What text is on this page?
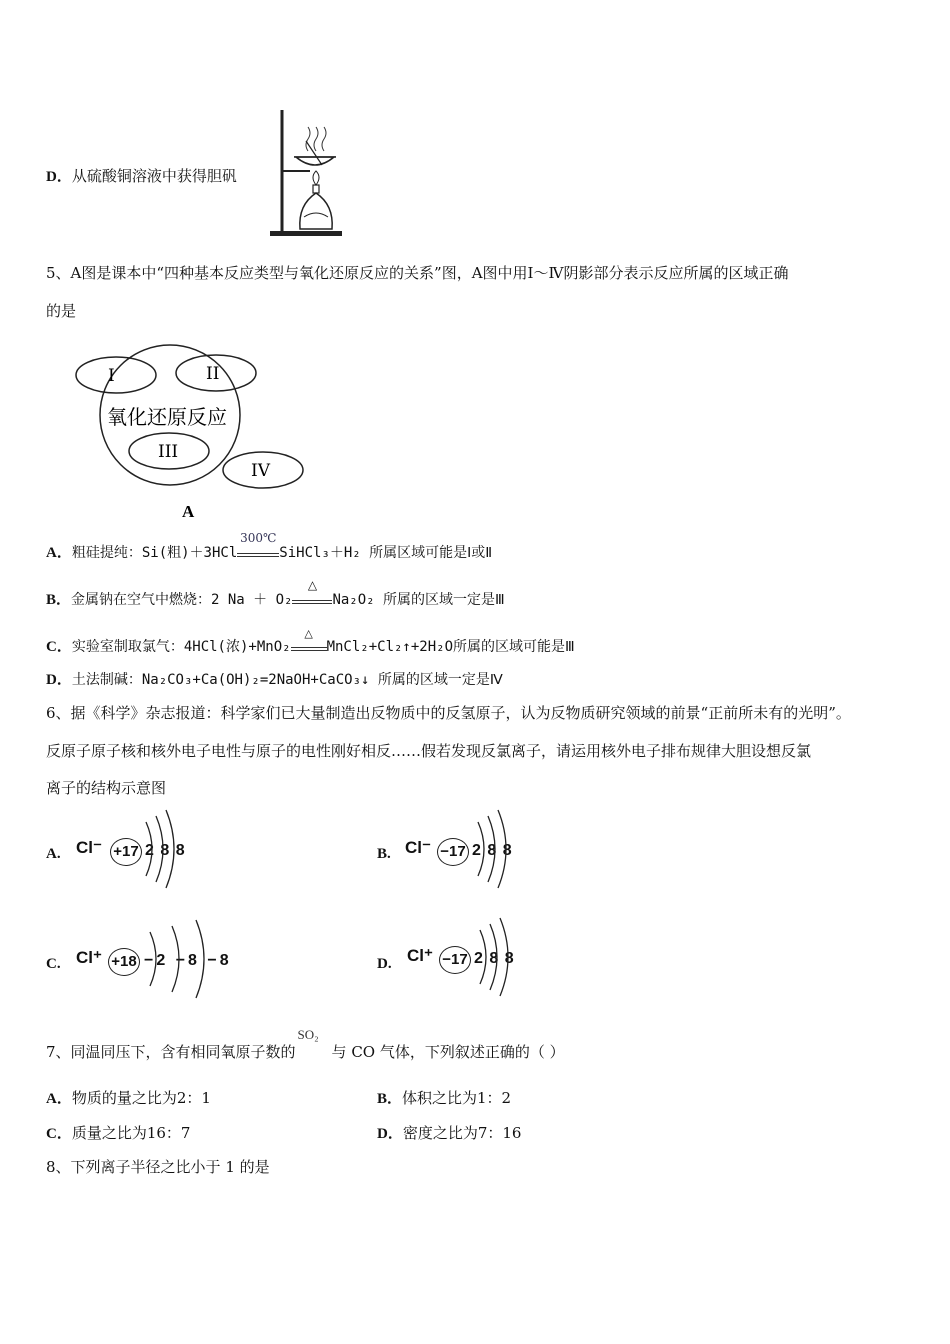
D．从硫酸铜溶液中获得胆矾
5、A图是课本中“四种基本反应类型与氧化还原反应的关系”图，A图中用Ⅰ～Ⅳ阴影部分表示反应所属的区域正确
的是
I	II
III
IV
氧化还原反应
A
A．粗硅提纯：Si(粗)＋3HCl
300℃
SiHCl₃＋H₂ 所属区域可能是Ⅰ或Ⅱ
B．金属钠在空气中燃烧：2 Na ＋ O₂
△
Na₂O₂ 所属的区域一定是Ⅲ
C．实验室制取氯气：4HCl(浓)+MnO₂
△
MnCl₂+Cl₂↑+2H₂O所属的区域可能是Ⅲ
D．土法制碱：Na₂CO₃+Ca(OH)₂=2NaOH+CaCO₃↓ 所属的区域一定是Ⅳ
6、据《科学》杂志报道：科学家们已大量制造出反物质中的反氢原子，认为反物质研究领域的前景“正前所未有的光明”。
反原子原子核和核外电子电性与原子的电性刚好相反……假若发现反氯离子，请运用核外电子排布规律大胆设想反氯
离子的结构示意图
A. Cl⁻ +17 2 8 8	B. Cl⁻ −17 2 8 8
C. Cl⁺ +18 −2 −8 −8	D. Cl⁺ −17 2 8 8
7、同温同压下，含有相同氧原子数的
SO₂
与 CO 气体，下列叙述正确的（ ）
A．物质的量之比为2：1	B．体积之比为1：2
C．质量之比为16：7	D．密度之比为7：16
8、下列离子半径之比小于 1 的是
